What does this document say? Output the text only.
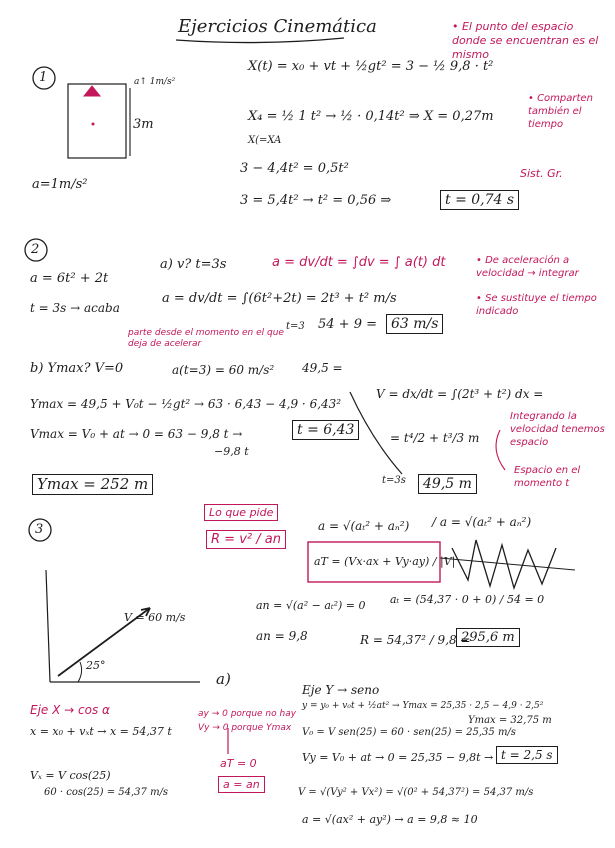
Ejercicios Cinemática
1	a↑ 1m/s²
3m
a=1m/s²
X(t) = x₀ + vt + ½gt² = 3 − ½ 9,8 · t²
X₄ = ½ 1 t² → ½ · 0,14t² ⇒ X = 0,27m
X(=XA
3 − 4,4t² = 0,5t²
3 = 5,4t² → t² = 0,56 ⇒	t = 0,74 s
• El punto del espacio donde se encuentran es el mismo
• Comparten también el tiempo
Sist. Gr.
2
a = 6t² + 2t
t = 3s → acaba
a) v? t=3s	a = dv/dt = ∫dv = ∫ a(t) dt
a = dv/dt = ∫(6t²+2t) = 2t³ + t² m/s
t=3 54 + 9 =	63 m/s
• De aceleración a velocidad → integrar
• Se sustituye el tiempo indicado
b) Ymax? V=0
parte desde el momento en el que deja de acelerar
a(t=3) = 60 m/s² 49,5 =
Ymax = 49,5 + V₀t − ½gt² → 63 · 6,43 − 4,9 · 6,43²
Vmax = V₀ + at → 0 = 63 − 9,8 t →	t = 6,43
−9,8 t
Ymax = 252 m
V = dx/dt = ∫(2t³ + t²) dx =
= t⁴/2 + t³/3 m
t=3s	49,5 m
Integrando la velocidad tenemos espacio
Espacio en el momento t
3
Lo que pide
R = v² / an
a = √(aₜ² + aₙ²) / a = √(aₜ² + aₙ²)
aT = (Vx·ax + Vy·ay) / |V|
aₜ = (54,37 · 0 + 0) / 54 = 0
an = √(a² − aₜ²) = 0
an = 9,8	R = 54,37² / 9,8 =
295,6 m
V = 60 m/s
25°
a)
Eje X → cos α
x = x₀ + vₓt → x = 54,37 t
Vₓ = V cos(25)
60 · cos(25) = 54,37 m/s
ay → 0 porque no hay
Vy → 0 porque Ymax
aT = 0
a = an
Eje Y → seno
y = y₀ + v₀t + ½at² → Ymax = 25,35 · 2,5 − 4,9 · 2,5²
Ymax = 32,75 m
V₀ = V sen(25) = 60 · sen(25) = 25,35 m/s
Vy = V₀ + at → 0 = 25,35 − 9,8t → t = 2,5 s
V = √(Vy² + Vx²) = √(0² + 54,37²) = 54,37 m/s
a = √(ax² + ay²) → a = 9,8 ≈ 10
